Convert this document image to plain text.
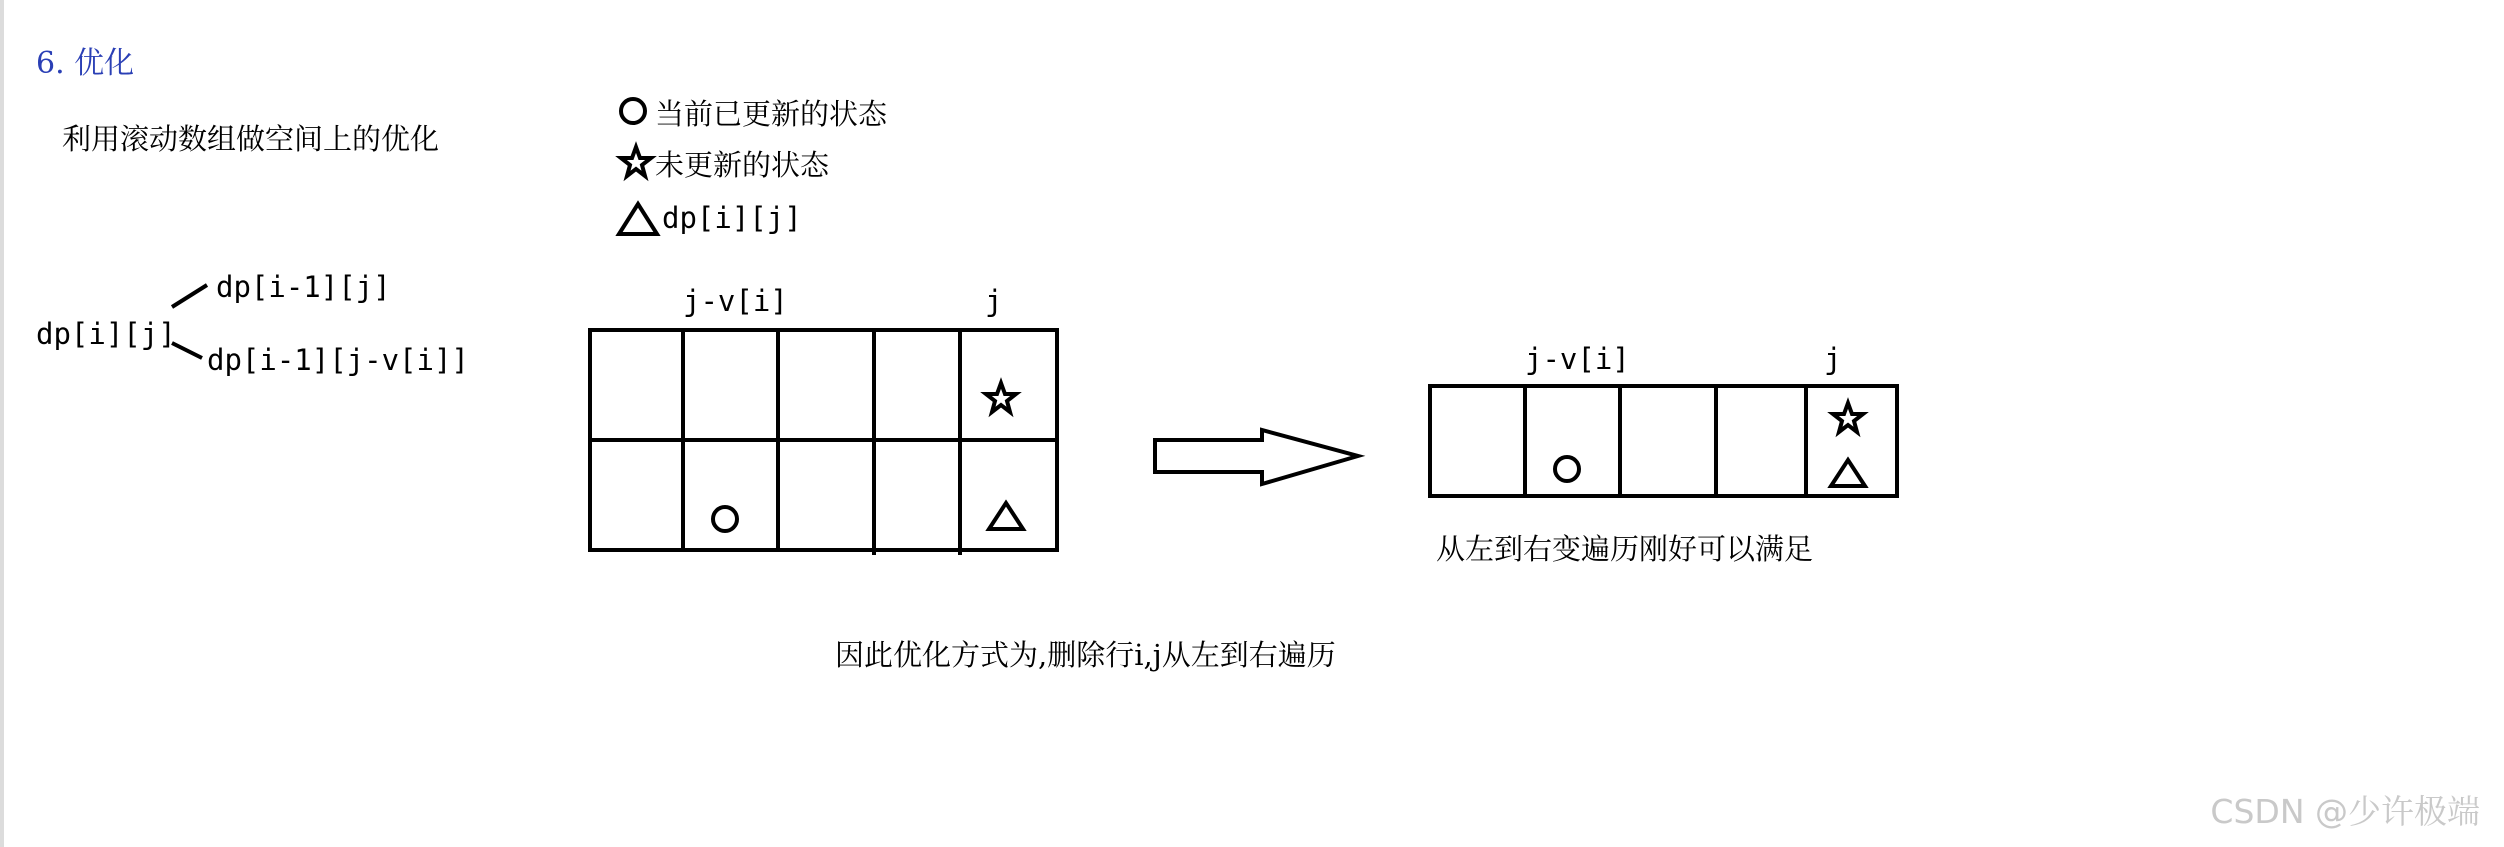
6. 优化
利用滚动数组做空间上的优化
当前已更新的状态
未更新的状态
dp[i][j]
dp[i][j]
dp[i-1][j]
dp[i-1][j-v[i]]
j-v[i]	j
j-v[i]	j
从左到右变遍历刚好可以满足
因此优化方式为,删除行i,j从左到右遍历
CSDN @少许极端
